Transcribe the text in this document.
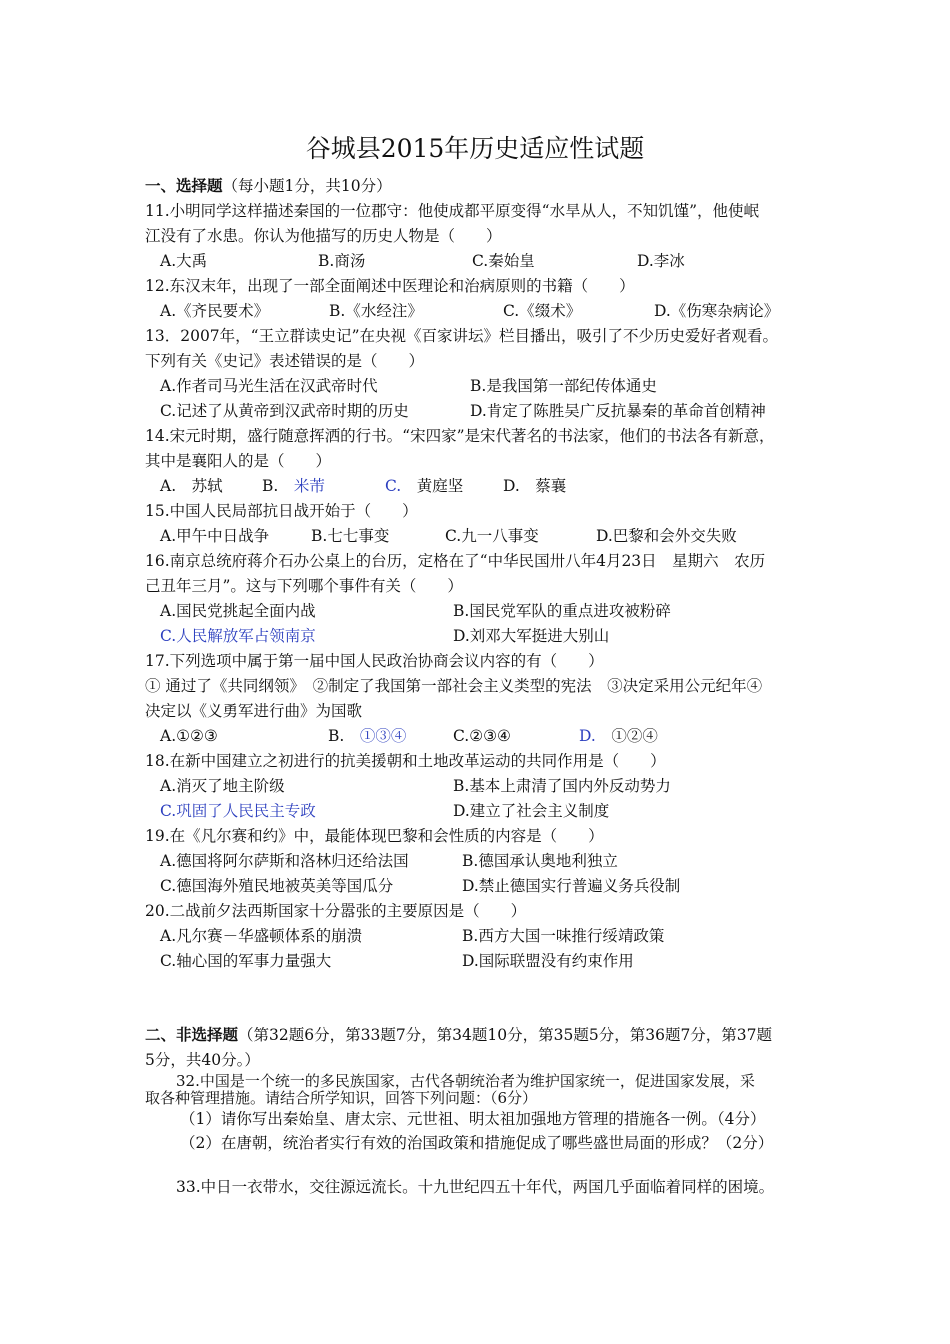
谷城县2015年历史适应性试题
一、选择题（每小题1分，共10分）
11.小明同学这样描述秦国的一位郡守：他使成都平原变得“水旱从人，不知饥馑”，他使岷
江没有了水患。你认为他描写的历史人物是（　　）
A.大禹	B.商汤	C.秦始皇	D.李冰
12.东汉末年，出现了一部全面阐述中医理论和治病原则的书籍（　　）
A.《齐民要术》	B.《水经注》	C.《缀术》	D.《伤寒杂病论》
13．2007年，“王立群读史记”在央视《百家讲坛》栏目播出，吸引了不少历史爱好者观看。
下列有关《史记》表述错误的是（　　）
A.作者司马光生活在汉武帝时代	B.是我国第一部纪传体通史
C.记述了从黄帝到汉武帝时期的历史	D.肯定了陈胜吴广反抗暴秦的革命首创精神
14.宋元时期，盛行随意挥洒的行书。“宋四家”是宋代著名的书法家，他们的书法各有新意，
其中是襄阳人的是（　　）
A.　苏轼	B.　 米芾	C.　 黄庭坚	D.　蔡襄
15.中国人民局部抗日战开始于（　　）
A.甲午中日战争	B.七七事变	C.九一八事变	D.巴黎和会外交失败
16.南京总统府蒋介石办公桌上的台历，定格在了“中华民国卅八年4月23日　星期六　农历
己丑年三月”。这与下列哪个事件有关（　　）
A.国民党挑起全面内战	B.国民党军队的重点进攻被粉碎
C.人民解放军占领南京	D.刘邓大军挺进大别山
17.下列选项中属于第一届中国人民政治协商会议内容的有（　　）
① 通过了《共同纲领》　②制定了我国第一部社会主义类型的宪法　③决定采用公元纪年④
决定以《义勇军进行曲》为国歌
A.①②③	B.　 ①③④	C.②③④	D.　 ①②④
18.在新中国建立之初进行的抗美援朝和土地改革运动的共同作用是（　　）
A.消灭了地主阶级	B.基本上肃清了国内外反动势力
C.巩固了人民民主专政	D.建立了社会主义制度
19.在《凡尔赛和约》中，最能体现巴黎和会性质的内容是（　　）
A.德国将阿尔萨斯和洛林归还给法国	B.德国承认奥地利独立
C.德国海外殖民地被英美等国瓜分	D.禁止德国实行普遍义务兵役制
20.二战前夕法西斯国家十分嚣张的主要原因是（　　）
A.凡尔赛－华盛顿体系的崩溃	B.西方大国一味推行绥靖政策
C.轴心国的军事力量强大	D.国际联盟没有约束作用
二、非选择题（第32题6分，第33题7分，第34题10分，第35题5分，第36题7分，第37题
5分，共40分。）
32.中国是一个统一的多民族国家，古代各朝统治者为维护国家统一，促进国家发展，采
取各种管理措施。请结合所学知识，回答下列问题：（6分）
（1）请你写出秦始皇、唐太宗、元世祖、明太祖加强地方管理的措施各一例。（4分）
（2）在唐朝，统治者实行有效的治国政策和措施促成了哪些盛世局面的形成？（2分）
33.中日一衣带水，交往源远流长。十九世纪四五十年代，两国几乎面临着同样的困境。
